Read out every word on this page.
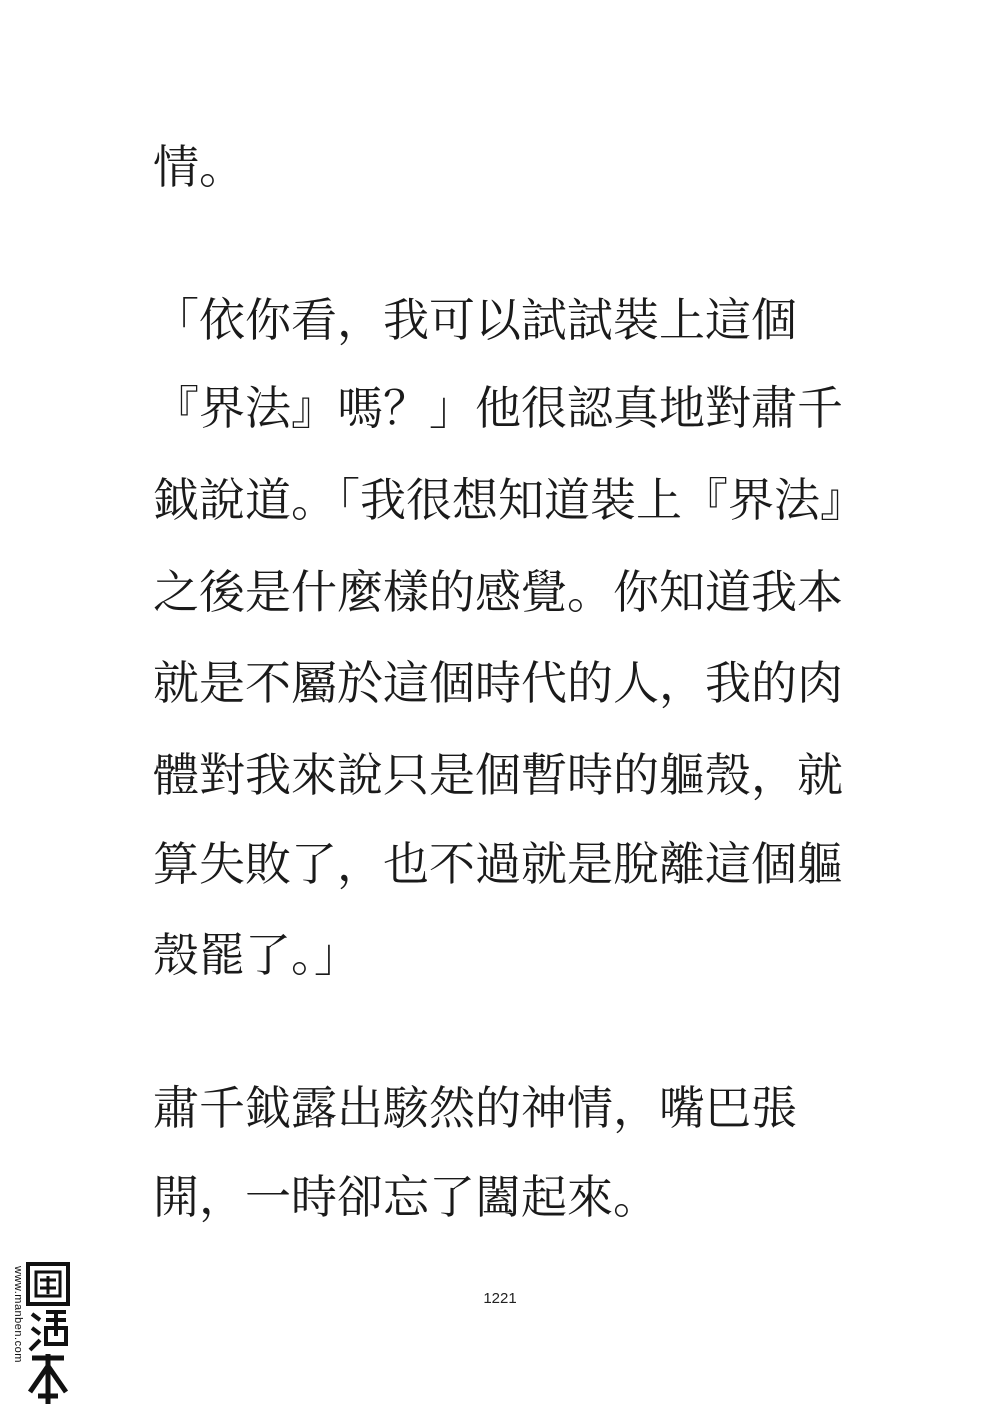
情。
「依你看，我可以試試裝上這個
『界法』嗎？」他很認真地對肅千
鉞說道。「我很想知道裝上『界法』
之後是什麼樣的感覺。你知道我本
就是不屬於這個時代的人，我的肉
體對我來說只是個暫時的軀殼，就
算失敗了，也不過就是脫離這個軀
殼罷了。」
肅千鉞露出駭然的神情，嘴巴張
開，一時卻忘了闔起來。
1221
www.manben.com
